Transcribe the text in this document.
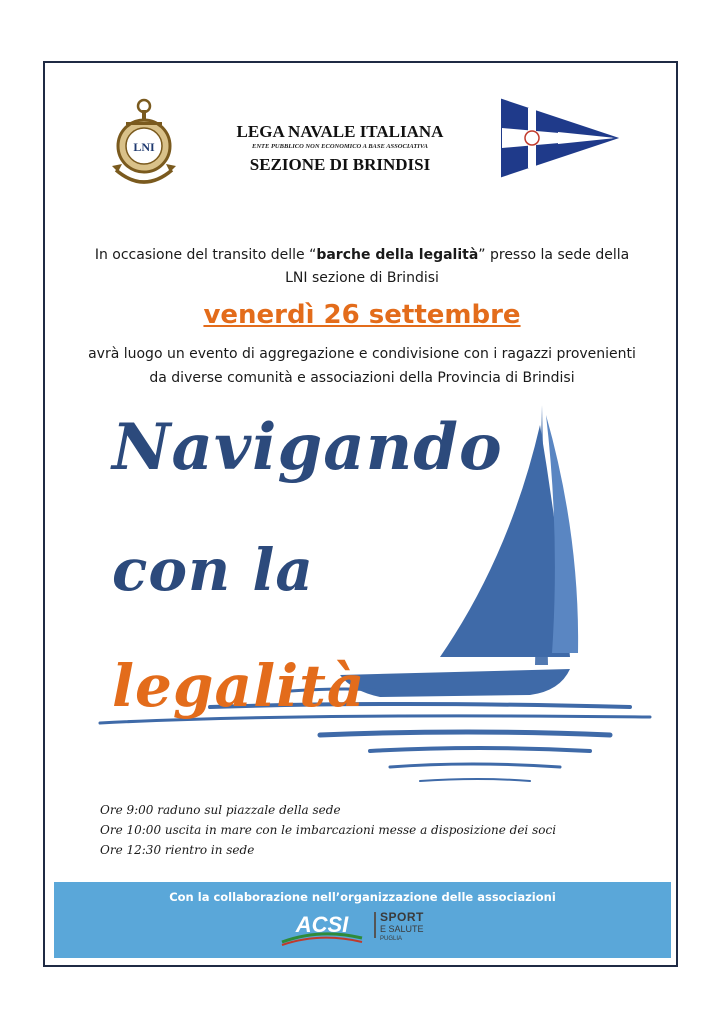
LNI
LEGA NAVALE ITALIANA
ENTE PUBBLICO NON ECONOMICO A BASE ASSOCIATIVA
SEZIONE DI BRINDISI
In occasione del transito delle “barche della legalità” presso la sede della
LNI sezione di Brindisi
venerdì 26 settembre
avrà luogo un evento di aggregazione e condivisione con i ragazzi provenienti
da diverse comunità e associazioni della Provincia di Brindisi
Navigando
con la
legalità
Ore 9:00 raduno sul piazzale della sede
Ore 10:00 uscita in mare con le imbarcazioni messe a disposizione dei soci
Ore 12:30 rientro in sede
Con la collaborazione nell’organizzazione delle associazioni
ACSI	SPORT
E SALUTE
PUGLIA
